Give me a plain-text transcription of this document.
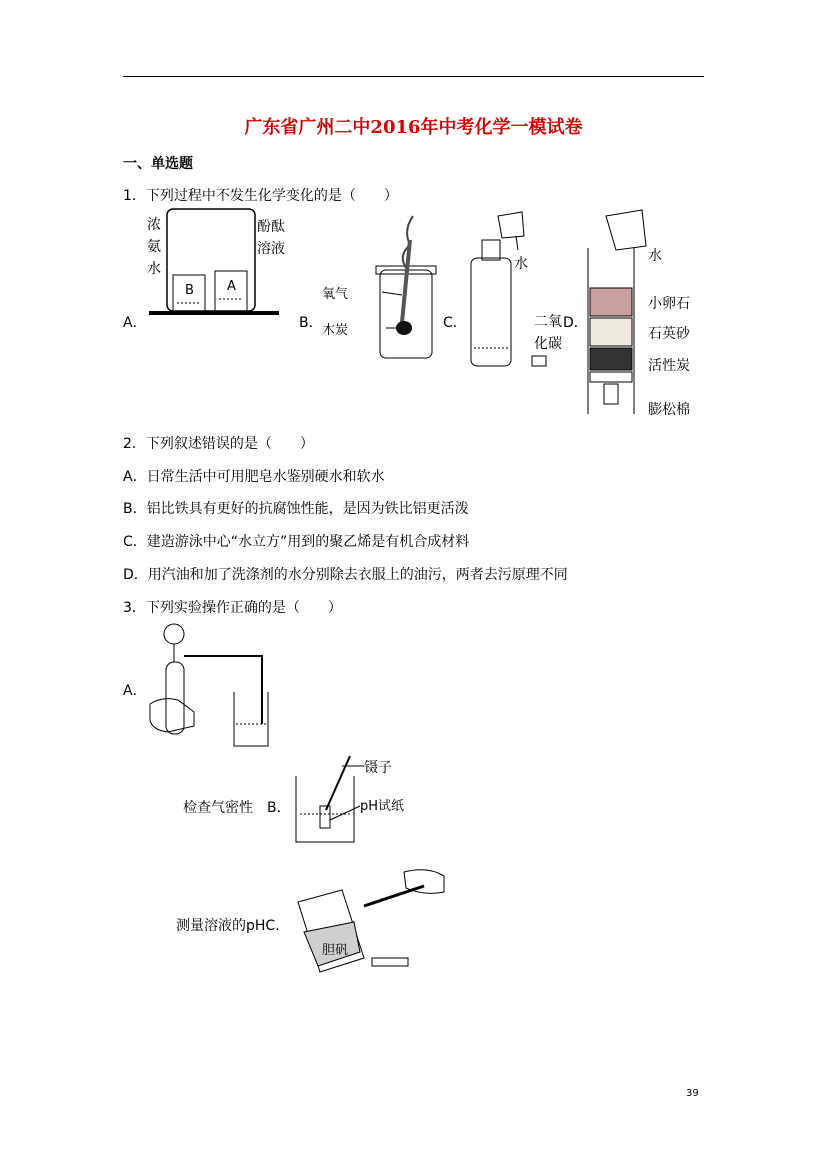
广东省广州二中2016年中考化学一模试卷
一、单选题
1．下列过程中不发生化学变化的是（　　）
A．
B	A
浓
氨
水
酚酞
溶液
B．
氧气
木炭	C．
水
二氧
化碳
D．
水
小卵石
石英砂
活性炭
膨松棉
2．下列叙述错误的是（　　）
A．日常生活中可用肥皂水鉴别硬水和软水
B．铝比铁具有更好的抗腐蚀性能，是因为铁比铝更活泼
C．建造游泳中心“水立方”用到的聚乙烯是有机合成材料
D．用汽油和加了洗涤剂的水分别除去衣服上的油污，两者去污原理不同
3．下列实验操作正确的是（　　）
A．
检查气密性　B．
镊子
pH试纸
测量溶液的pHC．
胆矾
39
